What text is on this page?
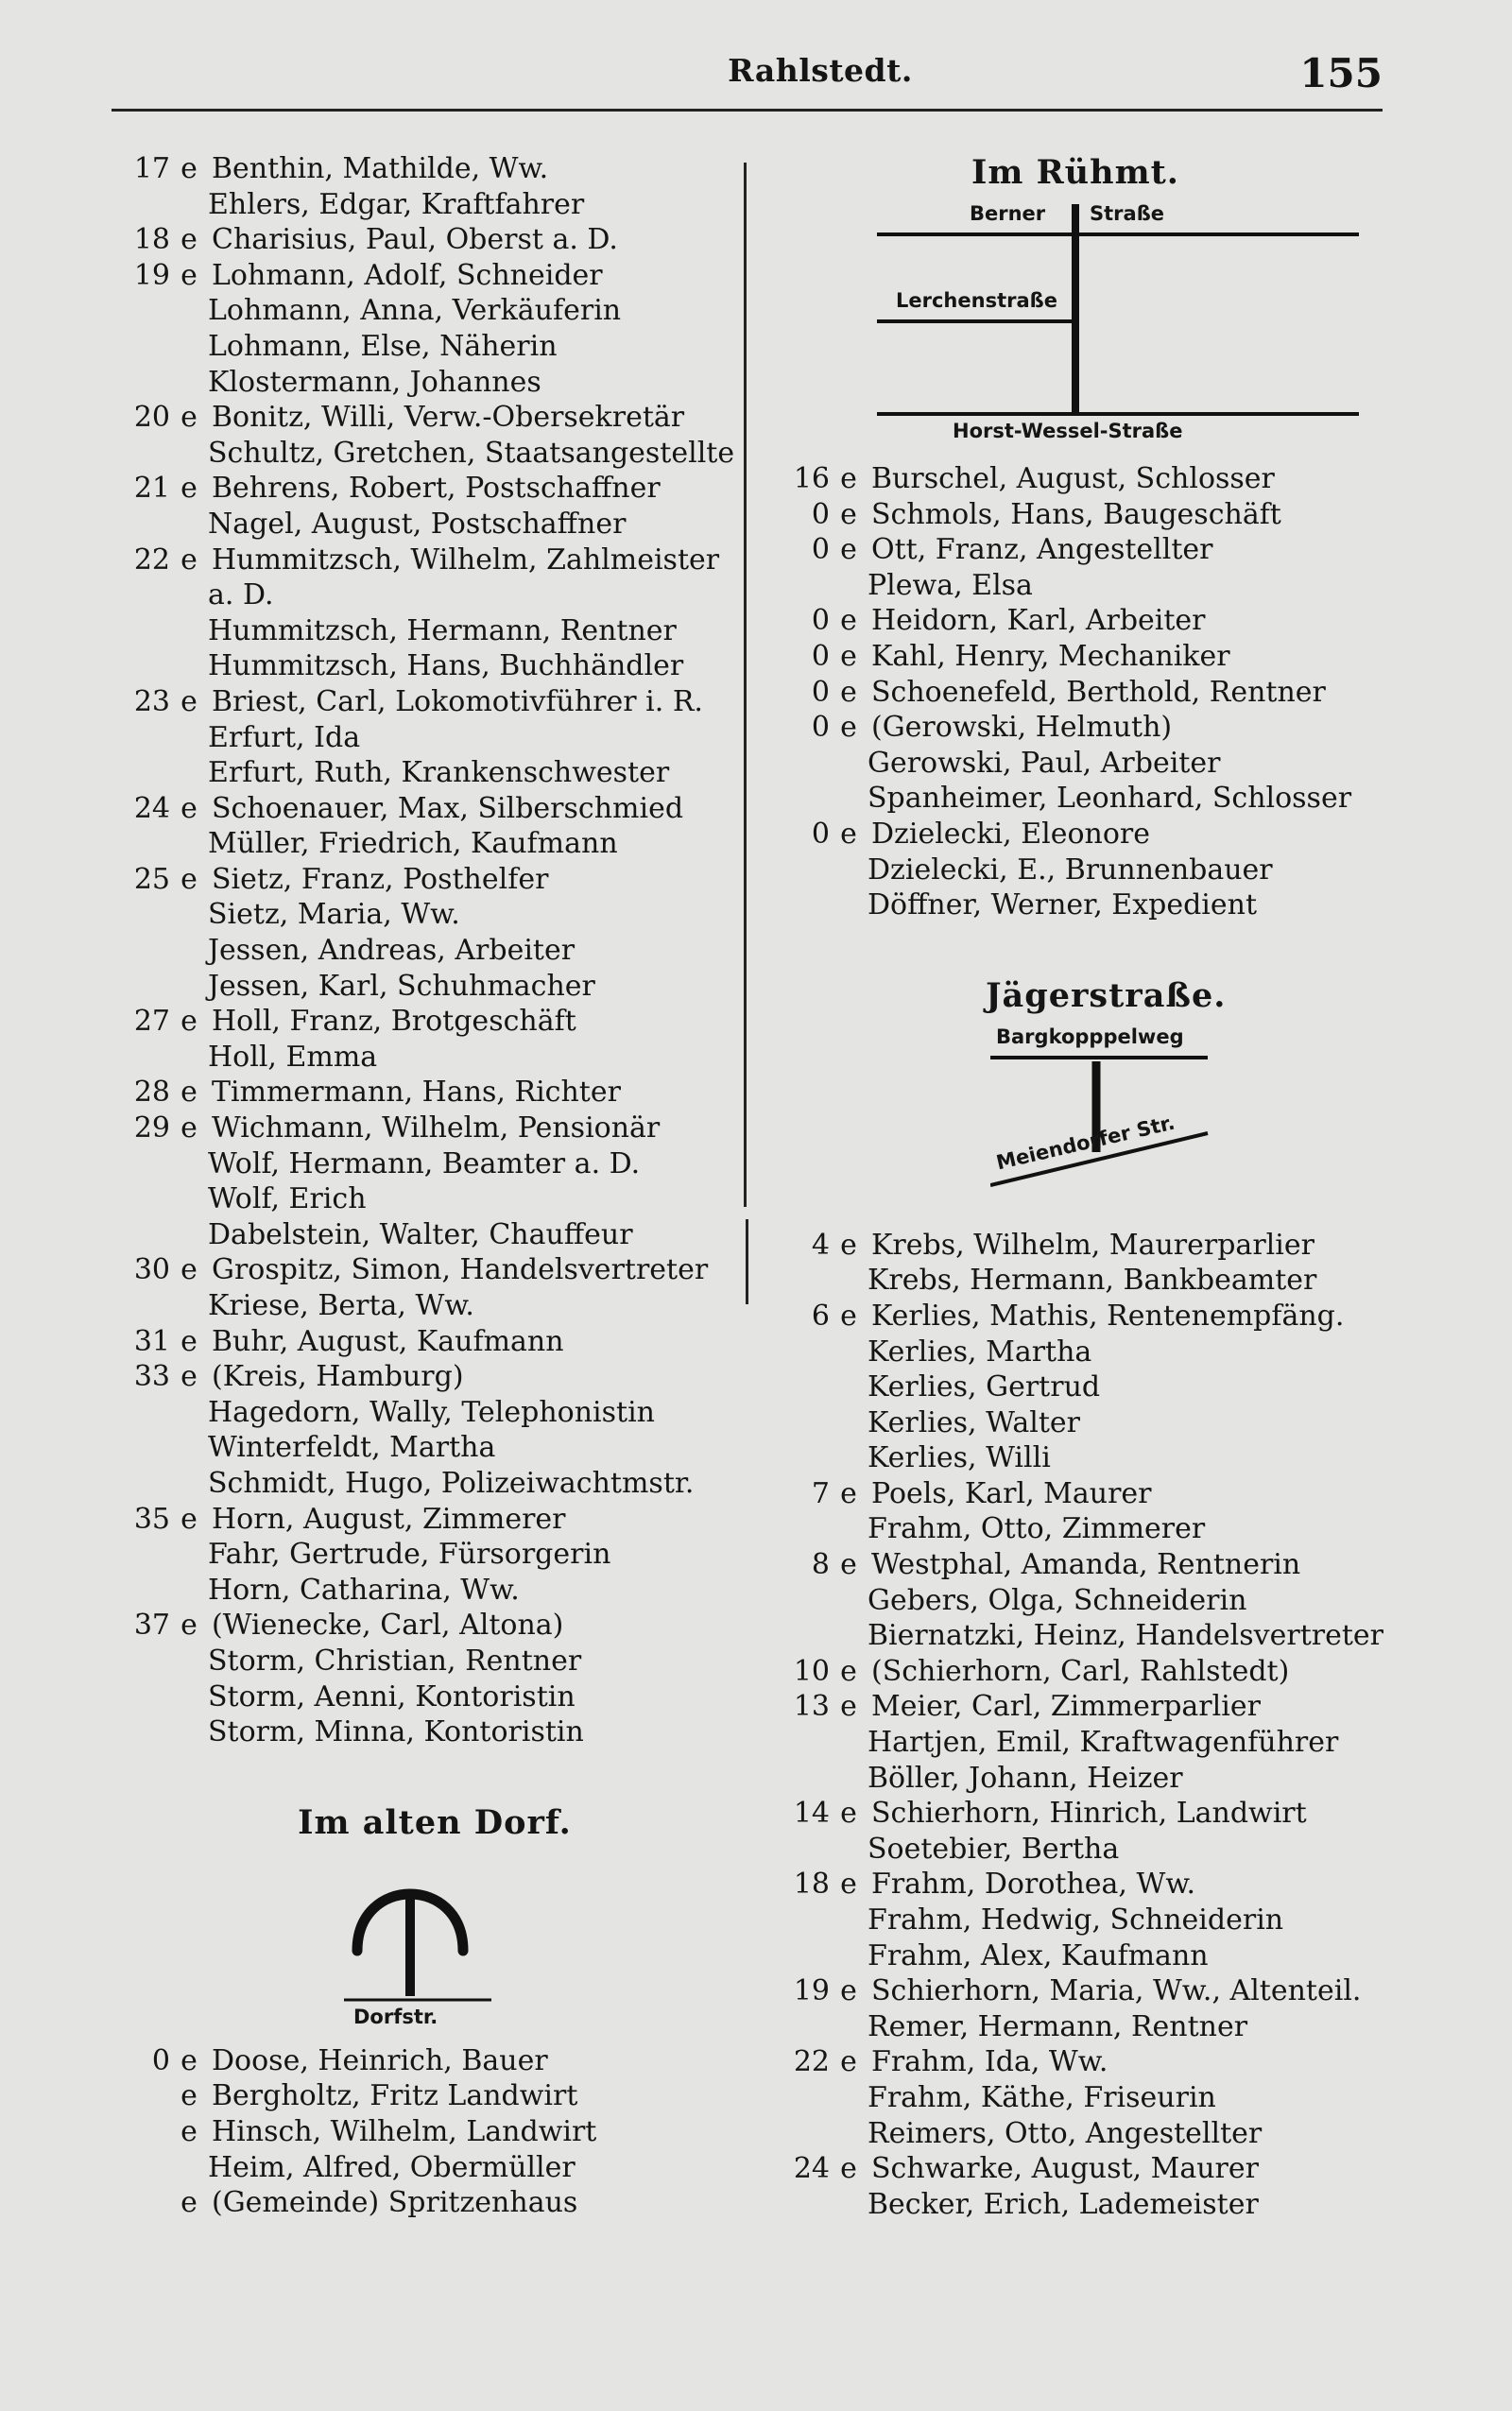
Rahlstedt.	155
17 e Benthin, Mathilde, Ww.
Ehlers, Edgar, Kraftfahrer
18 e Charisius, Paul, Oberst a. D.
19 e Lohmann, Adolf, Schneider
Lohmann, Anna, Verkäuferin
Lohmann, Else, Näherin
Klostermann, Johannes
20 e Bonitz, Willi, Verw.-Obersekretär
Schultz, Gretchen, Staatsangestellte
21 e Behrens, Robert, Postschaffner
Nagel, August, Postschaffner
22 e Hummitzsch, Wilhelm, Zahlmeister
a. D.
Hummitzsch, Hermann, Rentner
Hummitzsch, Hans, Buchhändler
23 e Briest, Carl, Lokomotivführer i. R.
Erfurt, Ida
Erfurt, Ruth, Krankenschwester
24 e Schoenauer, Max, Silberschmied
Müller, Friedrich, Kaufmann
25 e Sietz, Franz, Posthelfer
Sietz, Maria, Ww.
Jessen, Andreas, Arbeiter
Jessen, Karl, Schuhmacher
27 e Holl, Franz, Brotgeschäft
Holl, Emma
28 e Timmermann, Hans, Richter
29 e Wichmann, Wilhelm, Pensionär
Wolf, Hermann, Beamter a. D.
Wolf, Erich
Dabelstein, Walter, Chauffeur
30 e Grospitz, Simon, Handelsvertreter
Kriese, Berta, Ww.
31 e Buhr, August, Kaufmann
33 e (Kreis, Hamburg)
Hagedorn, Wally, Telephonistin
Winterfeldt, Martha
Schmidt, Hugo, Polizeiwachtmstr.
35 e Horn, August, Zimmerer
Fahr, Gertrude, Fürsorgerin
Horn, Catharina, Ww.
37 e (Wienecke, Carl, Altona)
Storm, Christian, Rentner
Storm, Aenni, Kontoristin
Storm, Minna, Kontoristin
Im alten Dorf.
Dorfstr.
0 e Doose, Heinrich, Bauer
e Bergholtz, Fritz Landwirt
e Hinsch, Wilhelm, Landwirt
Heim, Alfred, Obermüller
e (Gemeinde) Spritzenhaus
Im Rühmt.
Berner Straße
Lerchenstraße
Horst-Wessel-Straße
16 e Burschel, August, Schlosser
0 e Schmols, Hans, Baugeschäft
0 e Ott, Franz, Angestellter
Plewa, Elsa
0 e Heidorn, Karl, Arbeiter
0 e Kahl, Henry, Mechaniker
0 e Schoenefeld, Berthold, Rentner
0 e (Gerowski, Helmuth)
Gerowski, Paul, Arbeiter
Spanheimer, Leonhard, Schlosser
0 e Dzielecki, Eleonore
Dzielecki, E., Brunnenbauer
Döffner, Werner, Expedient
Jägerstraße.
Bargkopppelweg
Meiendorfer Str.
4 e Krebs, Wilhelm, Maurerparlier
Krebs, Hermann, Bankbeamter
6 e Kerlies, Mathis, Rentenempfäng.
Kerlies, Martha
Kerlies, Gertrud
Kerlies, Walter
Kerlies, Willi
7 e Poels, Karl, Maurer
Frahm, Otto, Zimmerer
8 e Westphal, Amanda, Rentnerin
Gebers, Olga, Schneiderin
Biernatzki, Heinz, Handelsvertreter
10 e (Schierhorn, Carl, Rahlstedt)
13 e Meier, Carl, Zimmerparlier
Hartjen, Emil, Kraftwagenführer
Böller, Johann, Heizer
14 e Schierhorn, Hinrich, Landwirt
Soetebier, Bertha
18 e Frahm, Dorothea, Ww.
Frahm, Hedwig, Schneiderin
Frahm, Alex, Kaufmann
19 e Schierhorn, Maria, Ww., Altenteil.
Remer, Hermann, Rentner
22 e Frahm, Ida, Ww.
Frahm, Käthe, Friseurin
Reimers, Otto, Angestellter
24 e Schwarke, August, Maurer
Becker, Erich, Lademeister
